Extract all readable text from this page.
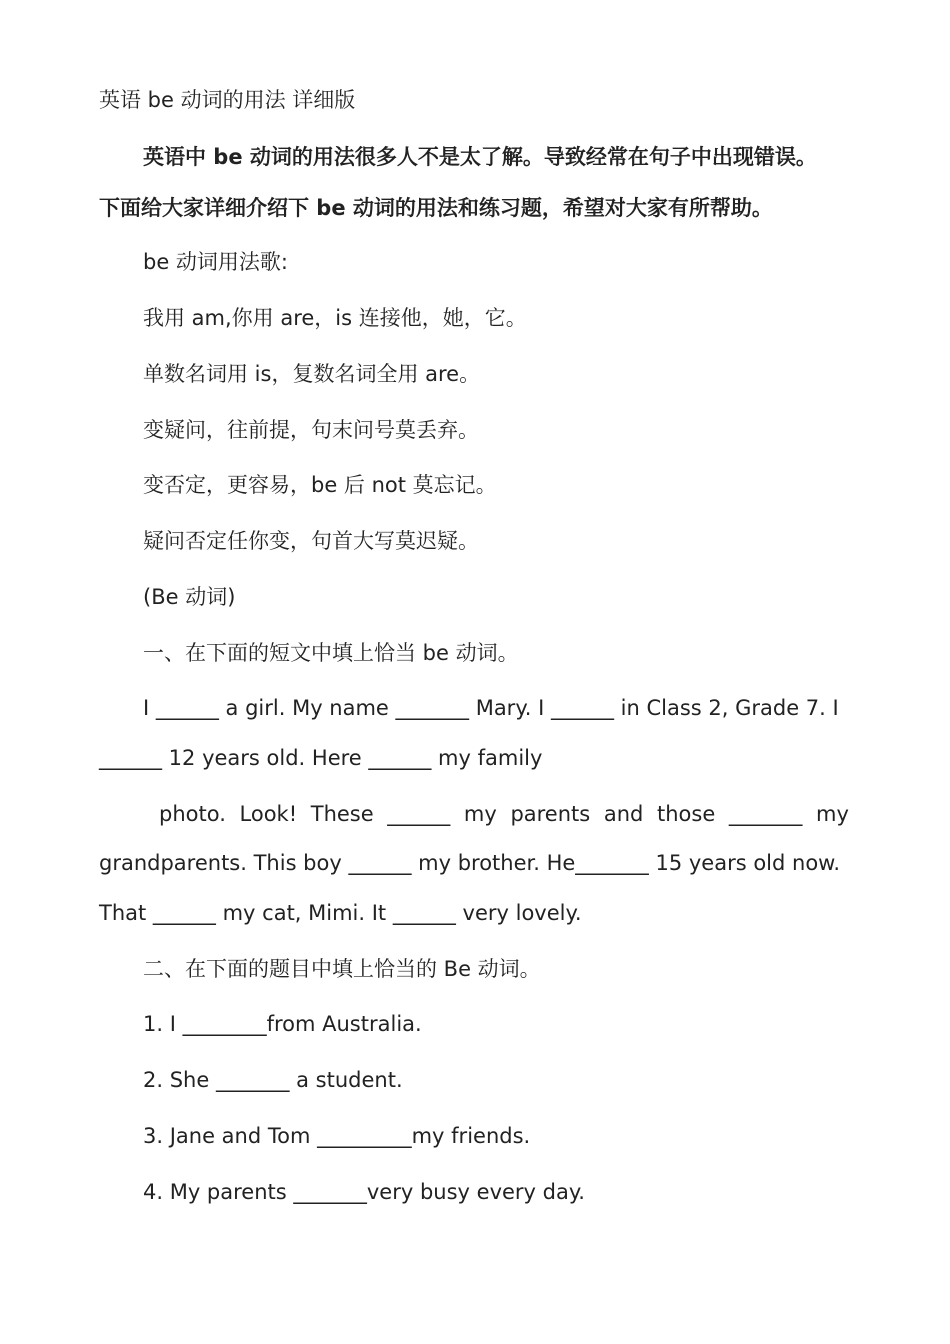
英语 be 动词的用法 详细版

英语中 be 动词的用法很多人不是太了解。导致经常在句子中出现错误。

下面给大家详细介绍下 be 动词的用法和练习题，希望对大家有所帮助。

be 动词用法歌:

我用 am,你用 are，is 连接他，她，它。

单数名词用 is，复数名词全用 are。

变疑问，往前提，句末问号莫丢弃。

变否定，更容易，be 后 not 莫忘记。

疑问否定任你变，句首大写莫迟疑。

(Be 动词)

一、在下面的短文中填上恰当 be 动词。

I ______ a girl. My name _______ Mary. I ______ in Class 2, Grade 7. I

______ 12 years old. Here ______ my family

photo. Look! These ______ my parents and those _______ my

grandparents. This boy ______ my brother. He_______ 15 years old now.

That ______ my cat, Mimi. It ______ very lovely.

二、在下面的题目中填上恰当的 Be 动词。

1. I ________from Australia.

2. She _______ a student.

3. Jane and Tom _________my friends.

4. My parents _______very busy every day.
